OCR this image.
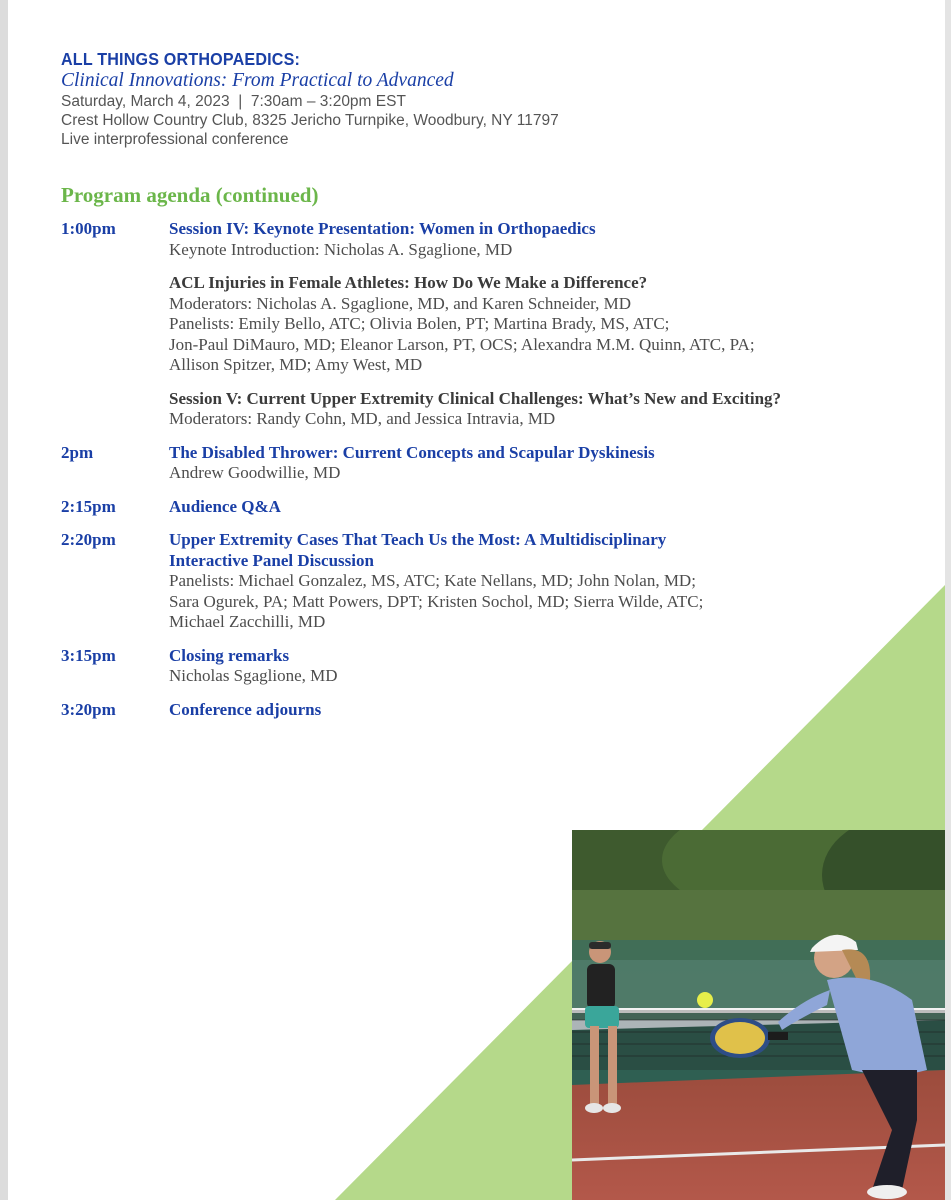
ALL THINGS ORTHOPAEDICS:
Clinical Innovations: From Practical to Advanced
Saturday, March 4, 2023  |  7:30am – 3:20pm EST
Crest Hollow Country Club, 8325 Jericho Turnpike, Woodbury, NY 11797
Live interprofessional conference
Program agenda (continued)
1:00pm	Session IV: Keynote Presentation: Women in Orthopaedics
Keynote Introduction: Nicholas A. Sgaglione, MD
ACL Injuries in Female Athletes: How Do We Make a Difference?
Moderators: Nicholas A. Sgaglione, MD, and Karen Schneider, MD
Panelists: Emily Bello, ATC; Olivia Bolen, PT; Martina Brady, MS, ATC;
Jon-Paul DiMauro, MD; Eleanor Larson, PT, OCS; Alexandra M.M. Quinn, ATC, PA;
Allison Spitzer, MD; Amy West, MD
Session V: Current Upper Extremity Clinical Challenges: What’s New and Exciting?
Moderators: Randy Cohn, MD, and Jessica Intravia, MD
2pm	The Disabled Thrower: Current Concepts and Scapular Dyskinesis
Andrew Goodwillie, MD
2:15pm	Audience Q&A
2:20pm	Upper Extremity Cases That Teach Us the Most: A Multidisciplinary
Interactive Panel Discussion
Panelists: Michael Gonzalez, MS, ATC; Kate Nellans, MD; John Nolan, MD;
Sara Ogurek, PA; Matt Powers, DPT; Kristen Sochol, MD; Sierra Wilde, ATC;
Michael Zacchilli, MD
3:15pm	Closing remarks
Nicholas Sgaglione, MD
3:20pm	Conference adjourns
